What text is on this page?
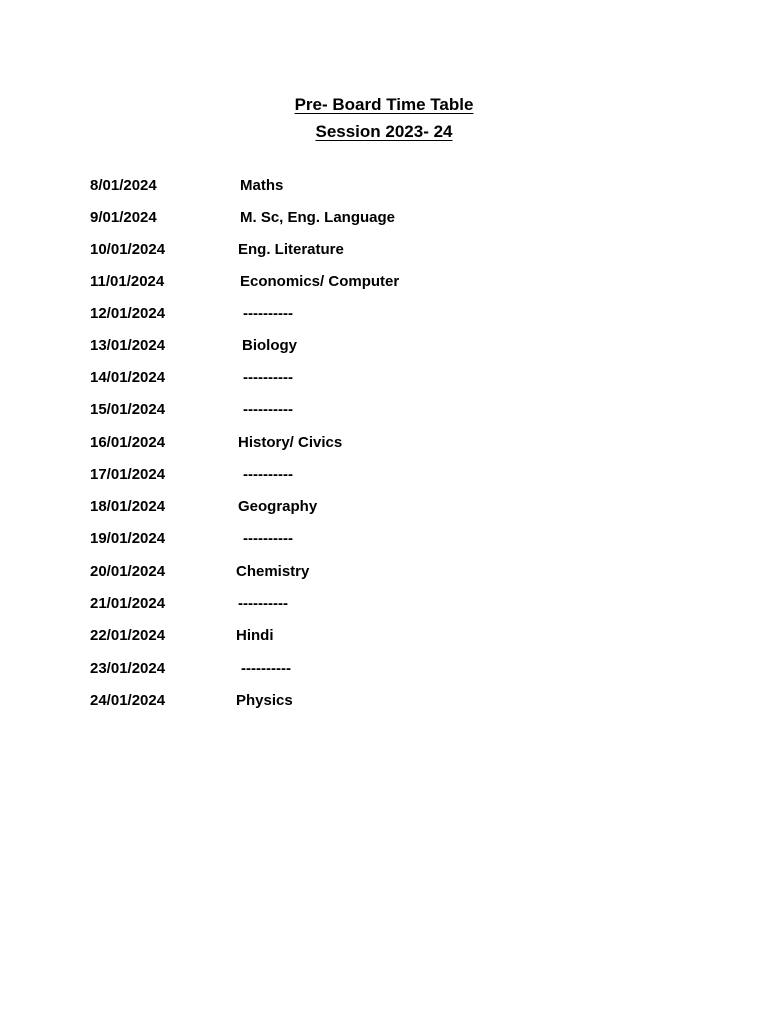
Pre- Board Time Table
Session 2023- 24
8/01/2024	Maths
9/01/2024	M. Sc, Eng. Language
10/01/2024	Eng. Literature
11/01/2024	Economics/ Computer
12/01/2024	----------
13/01/2024	Biology
14/01/2024	----------
15/01/2024	----------
16/01/2024	History/ Civics
17/01/2024	----------
18/01/2024	Geography
19/01/2024	----------
20/01/2024	Chemistry
21/01/2024	----------
22/01/2024	Hindi
23/01/2024	----------
24/01/2024	Physics
